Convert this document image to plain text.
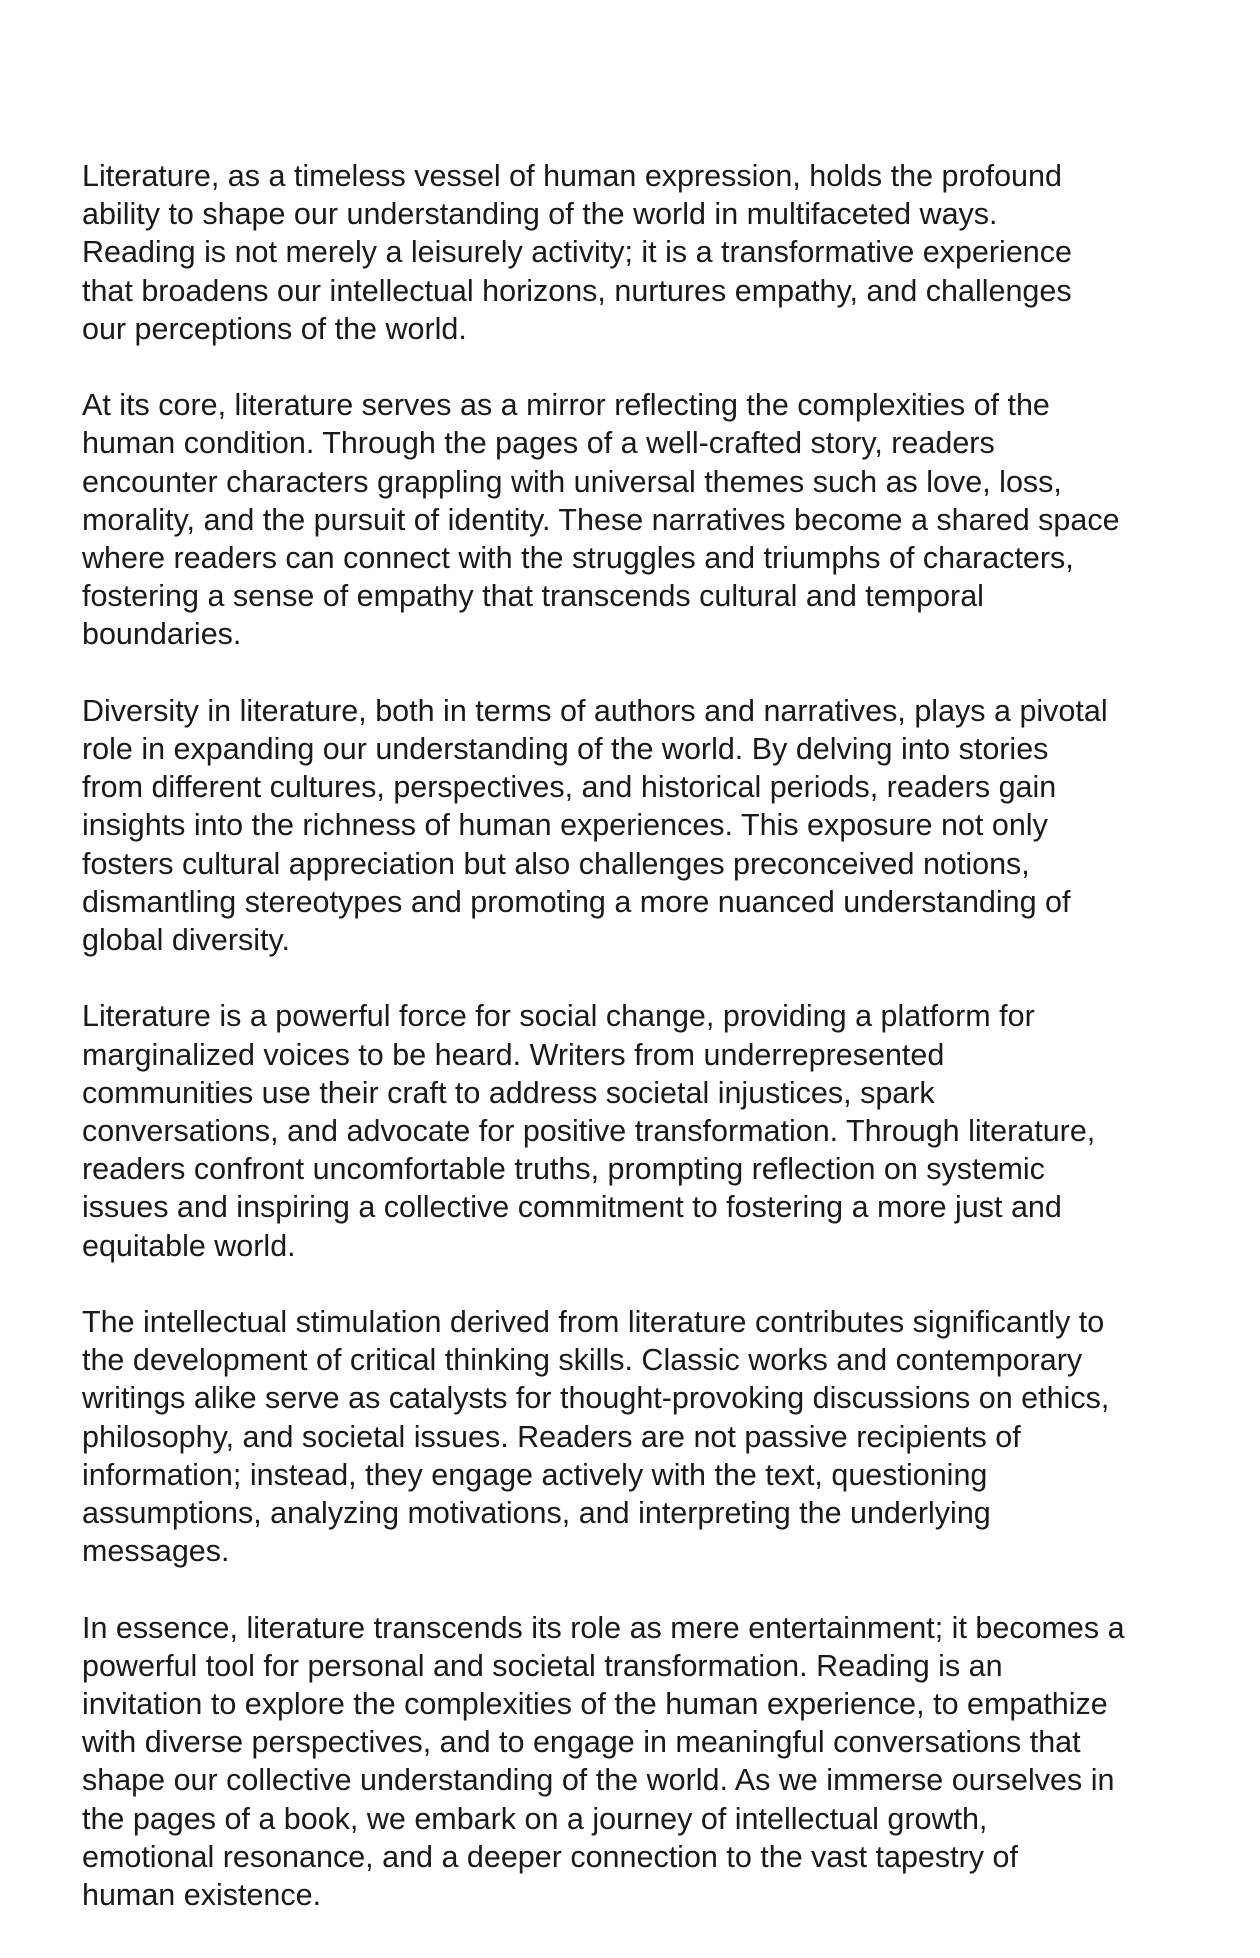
Literature, as a timeless vessel of human expression, holds the profound
ability to shape our understanding of the world in multifaceted ways.
Reading is not merely a leisurely activity; it is a transformative experience
that broadens our intellectual horizons, nurtures empathy, and challenges
our perceptions of the world.

At its core, literature serves as a mirror reflecting the complexities of the
human condition. Through the pages of a well-crafted story, readers
encounter characters grappling with universal themes such as love, loss,
morality, and the pursuit of identity. These narratives become a shared space
where readers can connect with the struggles and triumphs of characters,
fostering a sense of empathy that transcends cultural and temporal
boundaries.

Diversity in literature, both in terms of authors and narratives, plays a pivotal
role in expanding our understanding of the world. By delving into stories
from different cultures, perspectives, and historical periods, readers gain
insights into the richness of human experiences. This exposure not only
fosters cultural appreciation but also challenges preconceived notions,
dismantling stereotypes and promoting a more nuanced understanding of
global diversity.

Literature is a powerful force for social change, providing a platform for
marginalized voices to be heard. Writers from underrepresented
communities use their craft to address societal injustices, spark
conversations, and advocate for positive transformation. Through literature,
readers confront uncomfortable truths, prompting reflection on systemic
issues and inspiring a collective commitment to fostering a more just and
equitable world.

The intellectual stimulation derived from literature contributes significantly to
the development of critical thinking skills. Classic works and contemporary
writings alike serve as catalysts for thought-provoking discussions on ethics,
philosophy, and societal issues. Readers are not passive recipients of
information; instead, they engage actively with the text, questioning
assumptions, analyzing motivations, and interpreting the underlying
messages.

In essence, literature transcends its role as mere entertainment; it becomes a
powerful tool for personal and societal transformation. Reading is an
invitation to explore the complexities of the human experience, to empathize
with diverse perspectives, and to engage in meaningful conversations that
shape our collective understanding of the world. As we immerse ourselves in
the pages of a book, we embark on a journey of intellectual growth,
emotional resonance, and a deeper connection to the vast tapestry of
human existence.
